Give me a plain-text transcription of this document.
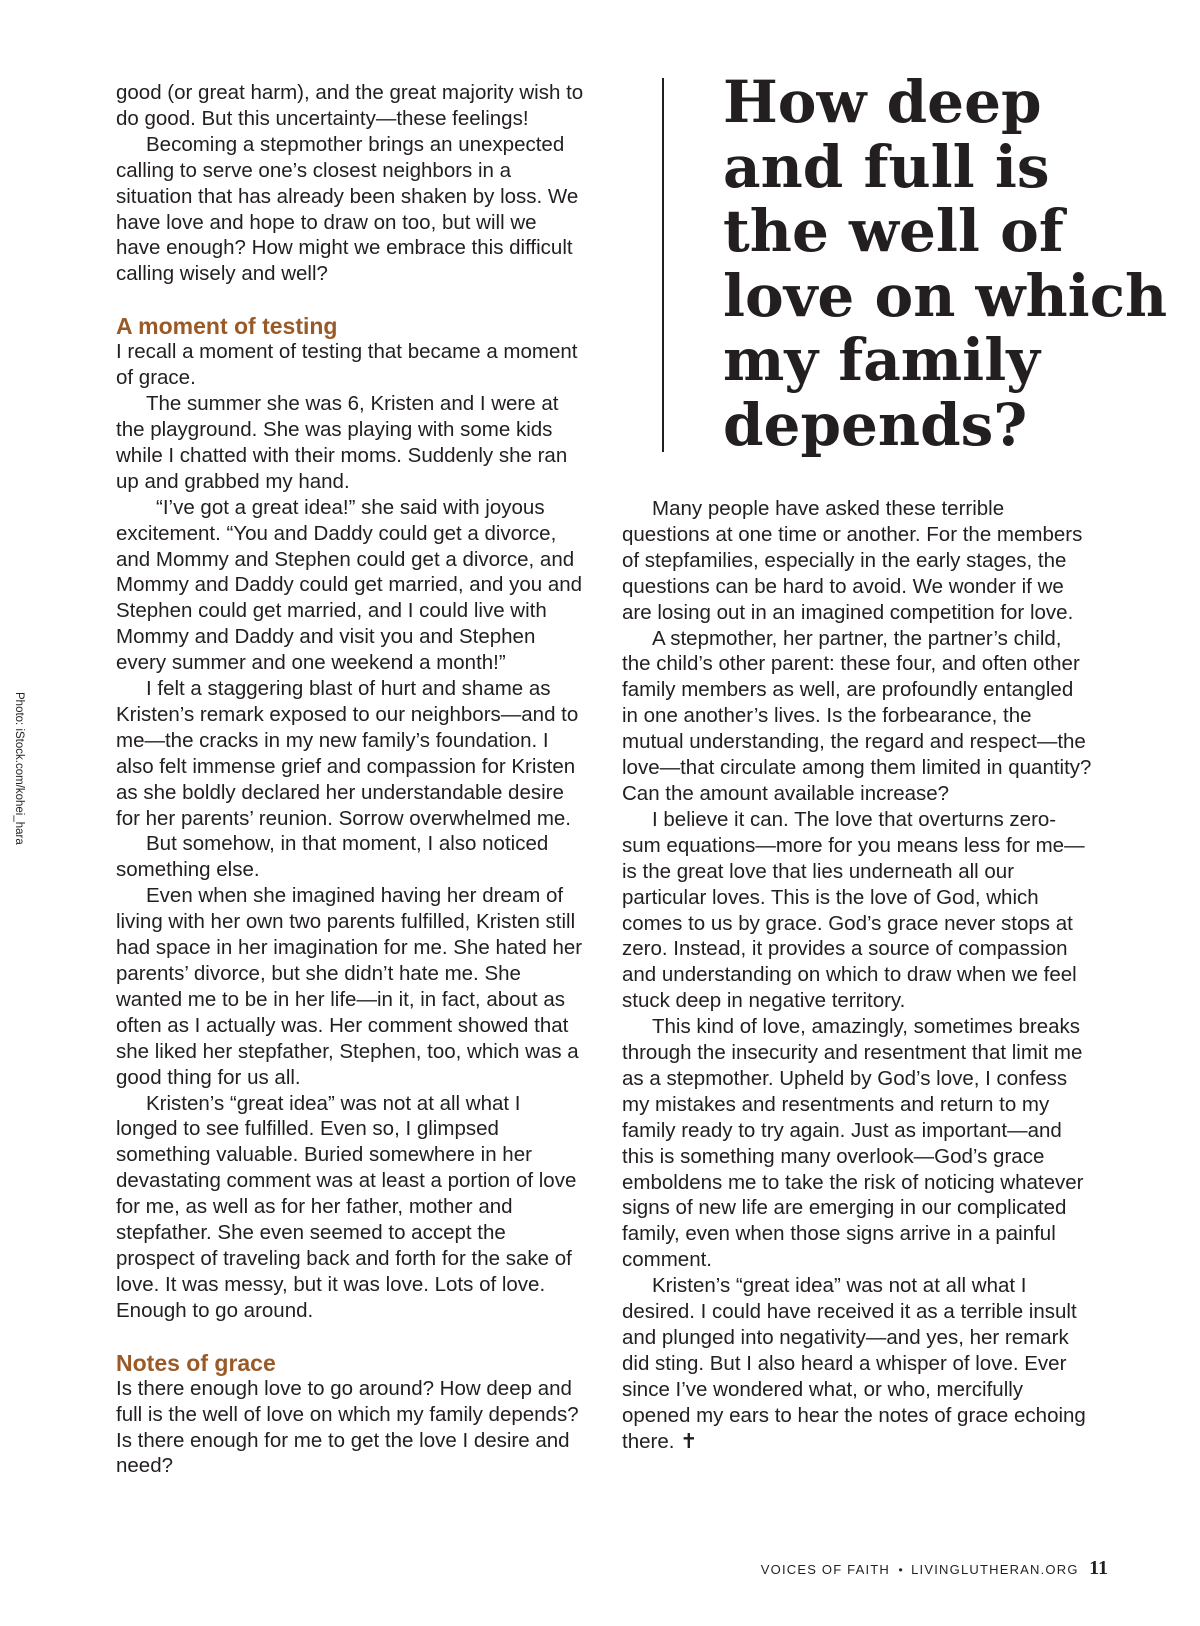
Photo: iStock.com/kohei_hara

good (or great harm), and the great majority wish to do good. But this uncertainty—these feelings!

Becoming a stepmother brings an unexpected calling to serve one’s closest neighbors in a situation that has already been shaken by loss. We have love and hope to draw on too, but will we have enough? How might we embrace this difficult calling wisely and well?

A moment of testing

I recall a moment of testing that became a moment of grace.

The summer she was 6, Kristen and I were at the playground. She was playing with some kids while I chatted with their moms. Suddenly she ran up and grabbed my hand.

“I’ve got a great idea!” she said with joyous excitement. “You and Daddy could get a divorce, and Mommy and Stephen could get a divorce, and Mommy and Daddy could get married, and you and Stephen could get married, and I could live with Mommy and Daddy and visit you and Stephen every summer and one weekend a month!”

I felt a staggering blast of hurt and shame as Kristen’s remark exposed to our neighbors—and to me—the cracks in my new family’s foundation. I also felt immense grief and compassion for Kristen as she boldly declared her understandable desire for her parents’ reunion. Sorrow overwhelmed me.

But somehow, in that moment, I also noticed something else.

Even when she imagined having her dream of living with her own two parents fulfilled, Kristen still had space in her imagination for me. She hated her parents’ divorce, but she didn’t hate me. She wanted me to be in her life—in it, in fact, about as often as I actually was. Her comment showed that she liked her stepfather, Stephen, too, which was a good thing for us all.

Kristen’s “great idea” was not at all what I longed to see fulfilled. Even so, I glimpsed something valuable. Buried somewhere in her devastating comment was at least a portion of love for me, as well as for her father, mother and stepfather. She even seemed to accept the prospect of traveling back and forth for the sake of love. It was messy, but it was love. Lots of love. Enough to go around.

Notes of grace

Is there enough love to go around? How deep and full is the well of love on which my family depends? Is there enough for me to get the love I desire and need?

How deep
and full is
the well of
love on which
my family
depends?

Many people have asked these terrible questions at one time or another. For the members of stepfamilies, especially in the early stages, the questions can be hard to avoid. We wonder if we are losing out in an imagined competition for love.

A stepmother, her partner, the partner’s child, the child’s other parent: these four, and often other family members as well, are profoundly entangled in one another’s lives. Is the forbearance, the mutual understanding, the regard and respect—the love—that circulate among them limited in quantity? Can the amount available increase?

I believe it can. The love that overturns zero-sum equations—more for you means less for me—is the great love that lies underneath all our particular loves. This is the love of God, which comes to us by grace. God’s grace never stops at zero. Instead, it provides a source of compassion and understanding on which to draw when we feel stuck deep in negative territory.

This kind of love, amazingly, sometimes breaks through the insecurity and resentment that limit me as a stepmother. Upheld by God’s love, I confess my mistakes and resentments and return to my family ready to try again. Just as important—and this is something many overlook—God’s grace emboldens me to take the risk of noticing whatever signs of new life are emerging in our complicated family, even when those signs arrive in a painful comment.

Kristen’s “great idea” was not at all what I desired. I could have received it as a terrible insult and plunged into negativity—and yes, her remark did sting. But I also heard a whisper of love. Ever since I’ve wondered what, or who, mercifully opened my ears to hear the notes of grace echoing there. ✝

VOICES OF FAITH • LIVINGLUTHERAN.ORG 11
